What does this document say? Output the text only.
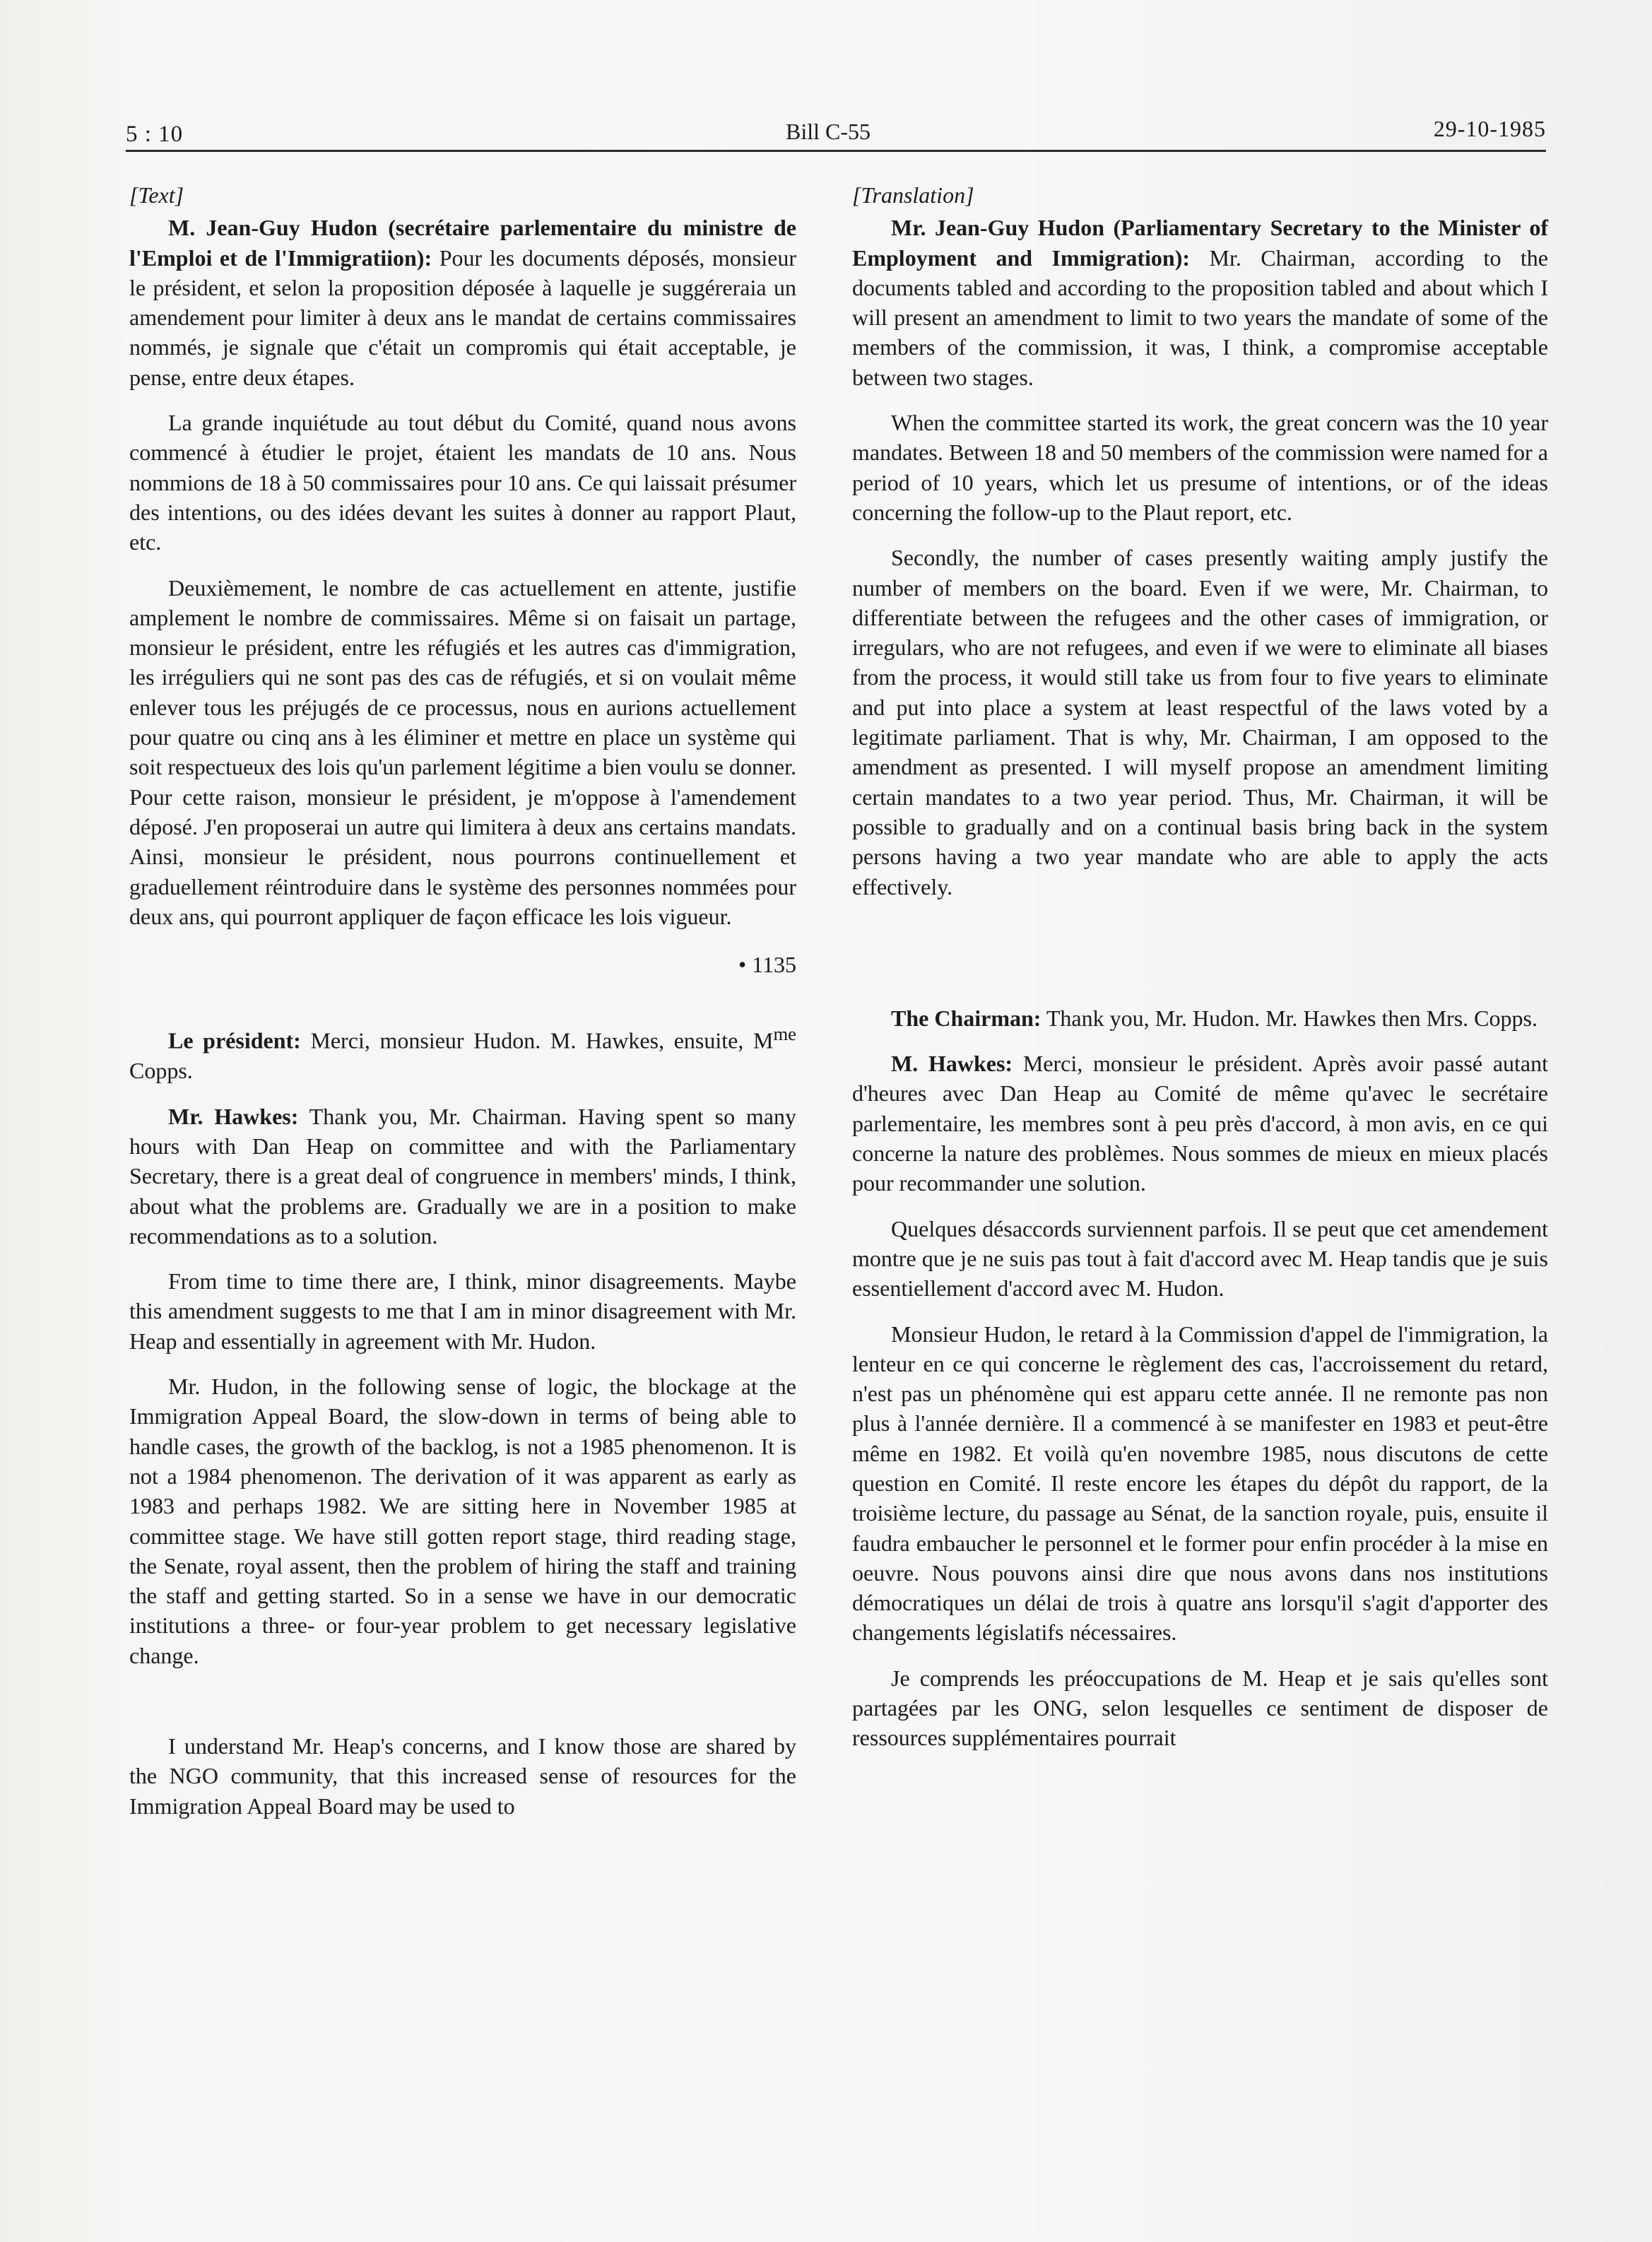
5 : 10	Bill C-55	29-10-1985

[Text]

M. Jean-Guy Hudon (secrétaire parlementaire du ministre de l'Emploi et de l'Immigratiion): Pour les documents déposés, monsieur le président, et selon la proposition déposée à laquelle je suggéreraia un amendement pour limiter à deux ans le mandat de certains commissaires nommés, je signale que c'était un compromis qui était acceptable, je pense, entre deux étapes.

La grande inquiétude au tout début du Comité, quand nous avons commencé à étudier le projet, étaient les mandats de 10 ans. Nous nommions de 18 à 50 commissaires pour 10 ans. Ce qui laissait présumer des intentions, ou des idées devant les suites à donner au rapport Plaut, etc.

Deuxièmement, le nombre de cas actuellement en attente, justifie amplement le nombre de commissaires. Même si on faisait un partage, monsieur le président, entre les réfugiés et les autres cas d'immigration, les irréguliers qui ne sont pas des cas de réfugiés, et si on voulait même enlever tous les préjugés de ce processus, nous en aurions actuellement pour quatre ou cinq ans à les éliminer et mettre en place un système qui soit respectueux des lois qu'un parlement légitime a bien voulu se donner. Pour cette raison, monsieur le président, je m'oppose à l'amendement déposé. J'en proposerai un autre qui limitera à deux ans certains mandats. Ainsi, monsieur le président, nous pourrons continuellement et graduellement réintroduire dans le système des personnes nommées pour deux ans, qui pourront appliquer de façon efficace les lois vigueur.

• 1135

Le président: Merci, monsieur Hudon. M. Hawkes, ensuite, $M^{me}$ Copps.

Mr. Hawkes: Thank you, Mr. Chairman. Having spent so many hours with Dan Heap on committee and with the Parliamentary Secretary, there is a great deal of congruence in members' minds, I think, about what the problems are. Gradually we are in a position to make recommendations as to a solution.

From time to time there are, I think, minor disagreements. Maybe this amendment suggests to me that I am in minor disagreement with Mr. Heap and essentially in agreement with Mr. Hudon.

Mr. Hudon, in the following sense of logic, the blockage at the Immigration Appeal Board, the slow-down in terms of being able to handle cases, the growth of the backlog, is not a 1985 phenomenon. It is not a 1984 phenomenon. The derivation of it was apparent as early as 1983 and perhaps 1982. We are sitting here in November 1985 at committee stage. We have still gotten report stage, third reading stage, the Senate, royal assent, then the problem of hiring the staff and training the staff and getting started. So in a sense we have in our democratic institutions a three- or four-year problem to get necessary legislative change.

I understand Mr. Heap's concerns, and I know those are shared by the NGO community, that this increased sense of resources for the Immigration Appeal Board may be used to

[Translation]

Mr. Jean-Guy Hudon (Parliamentary Secretary to the Minister of Employment and Immigration): Mr. Chairman, according to the documents tabled and according to the proposition tabled and about which I will present an amendment to limit to two years the mandate of some of the members of the commission, it was, I think, a compromise acceptable between two stages.

When the committee started its work, the great concern was the 10 year mandates. Between 18 and 50 members of the commission were named for a period of 10 years, which let us presume of intentions, or of the ideas concerning the follow-up to the Plaut report, etc.

Secondly, the number of cases presently waiting amply justify the number of members on the board. Even if we were, Mr. Chairman, to differentiate between the refugees and the other cases of immigration, or irregulars, who are not refugees, and even if we were to eliminate all biases from the process, it would still take us from four to five years to eliminate and put into place a system at least respectful of the laws voted by a legitimate parliament. That is why, Mr. Chairman, I am opposed to the amendment as presented. I will myself propose an amendment limiting certain mandates to a two year period. Thus, Mr. Chairman, it will be possible to gradually and on a continual basis bring back in the system persons having a two year mandate who are able to apply the acts effectively.

The Chairman: Thank you, Mr. Hudon. Mr. Hawkes then Mrs. Copps.

M. Hawkes: Merci, monsieur le président. Après avoir passé autant d'heures avec Dan Heap au Comité de même qu'avec le secrétaire parlementaire, les membres sont à peu près d'accord, à mon avis, en ce qui concerne la nature des problèmes. Nous sommes de mieux en mieux placés pour recommander une solution.

Quelques désaccords surviennent parfois. Il se peut que cet amendement montre que je ne suis pas tout à fait d'accord avec M. Heap tandis que je suis essentiellement d'accord avec M. Hudon.

Monsieur Hudon, le retard à la Commission d'appel de l'immigration, la lenteur en ce qui concerne le règlement des cas, l'accroissement du retard, n'est pas un phénomène qui est apparu cette année. Il ne remonte pas non plus à l'année dernière. Il a commencé à se manifester en 1983 et peut-être même en 1982. Et voilà qu'en novembre 1985, nous discutons de cette question en Comité. Il reste encore les étapes du dépôt du rapport, de la troisième lecture, du passage au Sénat, de la sanction royale, puis, ensuite il faudra embaucher le personnel et le former pour enfin procéder à la mise en oeuvre. Nous pouvons ainsi dire que nous avons dans nos institutions démocratiques un délai de trois à quatre ans lorsqu'il s'agit d'apporter des changements législatifs nécessaires.

Je comprends les préoccupations de M. Heap et je sais qu'elles sont partagées par les ONG, selon lesquelles ce sentiment de disposer de ressources supplémentaires pourrait
